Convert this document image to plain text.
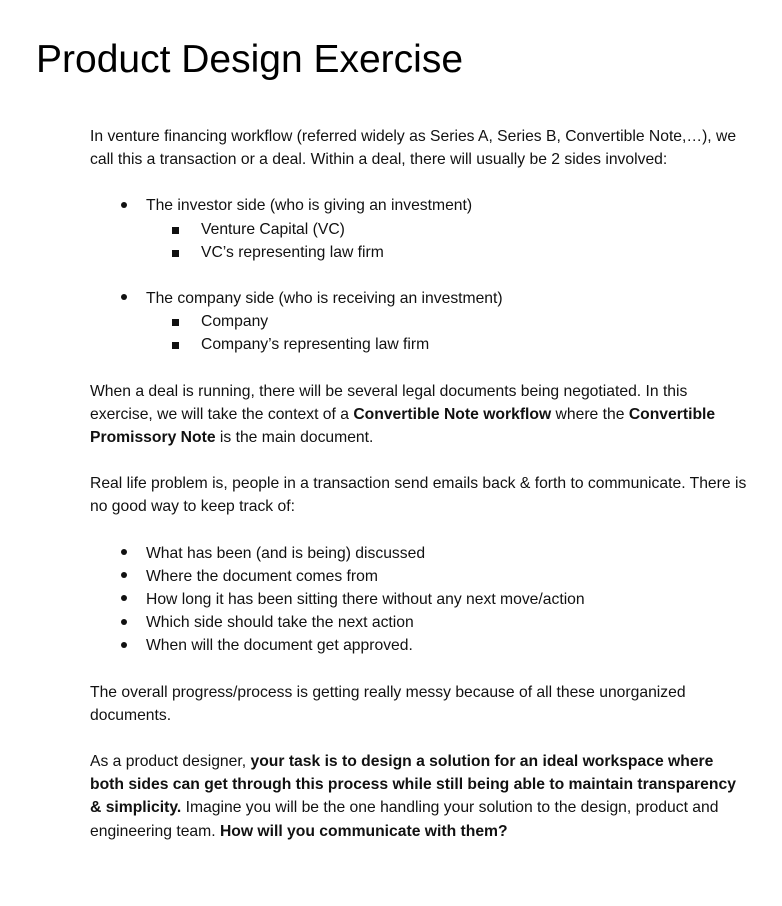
Product Design Exercise

In venture financing workflow (referred widely as Series A, Series B, Convertible Note,…), we call this a transaction or a deal. Within a deal, there will usually be 2 sides involved:

The investor side (who is giving an investment)
Venture Capital (VC)
VC’s representing law firm
The company side (who is receiving an investment)
Company
Company’s representing law firm

When a deal is running, there will be several legal documents being negotiated. In this exercise, we will take the context of a Convertible Note workflow where the Convertible Promissory Note is the main document.

Real life problem is, people in a transaction send emails back & forth to communicate. There is no good way to keep track of:

What has been (and is being) discussed
Where the document comes from
How long it has been sitting there without any next move/action
Which side should take the next action
When will the document get approved.

The overall progress/process is getting really messy because of all these unorganized documents.

As a product designer, your task is to design a solution for an ideal workspace where both sides can get through this process while still being able to maintain transparency & simplicity. Imagine you will be the one handling your solution to the design, product and engineering team. How will you communicate with them?
